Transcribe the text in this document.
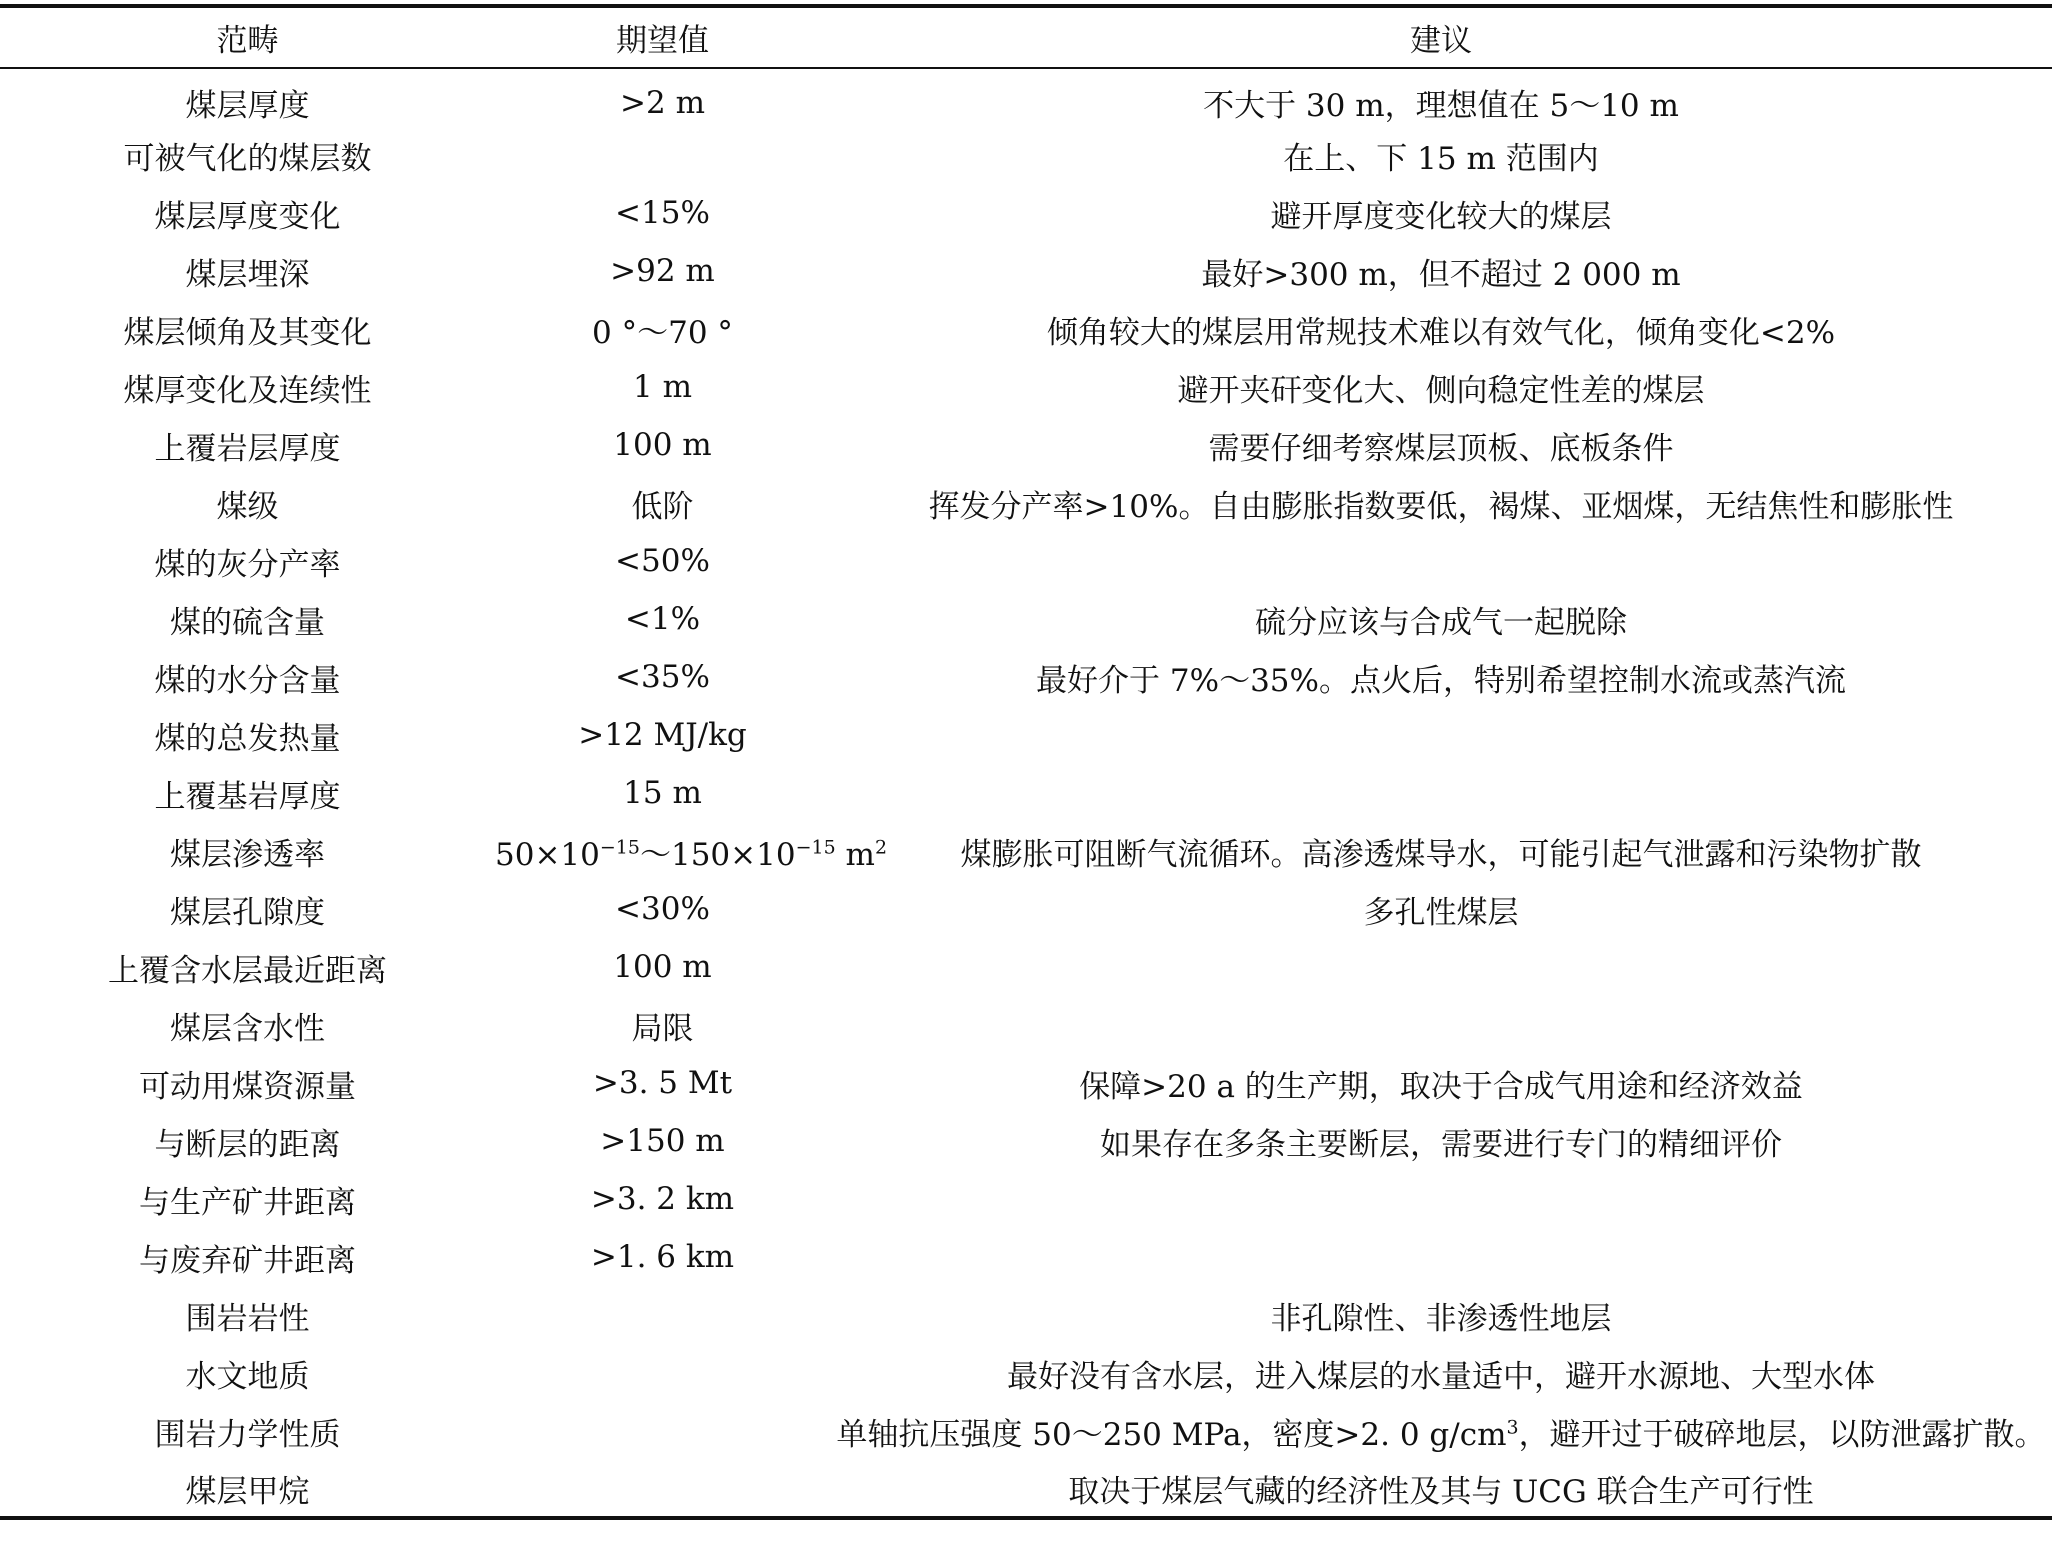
范畴	期望值	建议
煤层厚度	>2 m	不大于 30 m，理想值在 5～10 m
可被气化的煤层数		在上、下 15 m 范围内
煤层厚度变化	<15%	避开厚度变化较大的煤层
煤层埋深	>92 m	最好>300 m，但不超过 2 000 m
煤层倾角及其变化	0 °～70 °	倾角较大的煤层用常规技术难以有效气化，倾角变化<2%
煤厚变化及连续性	1 m	避开夹矸变化大、侧向稳定性差的煤层
上覆岩层厚度	100 m	需要仔细考察煤层顶板、底板条件
煤级	低阶	挥发分产率>10%。自由膨胀指数要低，褐煤、亚烟煤，无结焦性和膨胀性
煤的灰分产率	<50%	
煤的硫含量	<1%	硫分应该与合成气一起脱除
煤的水分含量	<35%	最好介于 7%～35%。点火后，特别希望控制水流或蒸汽流
煤的总发热量	>12 MJ/kg	
上覆基岩厚度	15 m	
煤层渗透率	$50\times 10^{-15}\sim 150\times 10^{-15}$ $m^2$	煤膨胀可阻断气流循环。高渗透煤导水，可能引起气泄露和污染物扩散
煤层孔隙度	<30%	多孔性煤层
上覆含水层最近距离	100 m	
煤层含水性	局限	
可动用煤资源量	>3. 5 Mt	保障>20 a 的生产期，取决于合成气用途和经济效益
与断层的距离	>150 m	如果存在多条主要断层，需要进行专门的精细评价
与生产矿井距离	>3. 2 km	
与废弃矿井距离	>1. 6 km	
围岩岩性		非孔隙性、非渗透性地层
水文地质		最好没有含水层，进入煤层的水量适中，避开水源地、大型水体
围岩力学性质		单轴抗压强度 50～250 MPa，密度>2. 0 $g/cm^3$，避开过于破碎地层，以防泄露扩散。
煤层甲烷		取决于煤层气藏的经济性及其与 UCG 联合生产可行性
